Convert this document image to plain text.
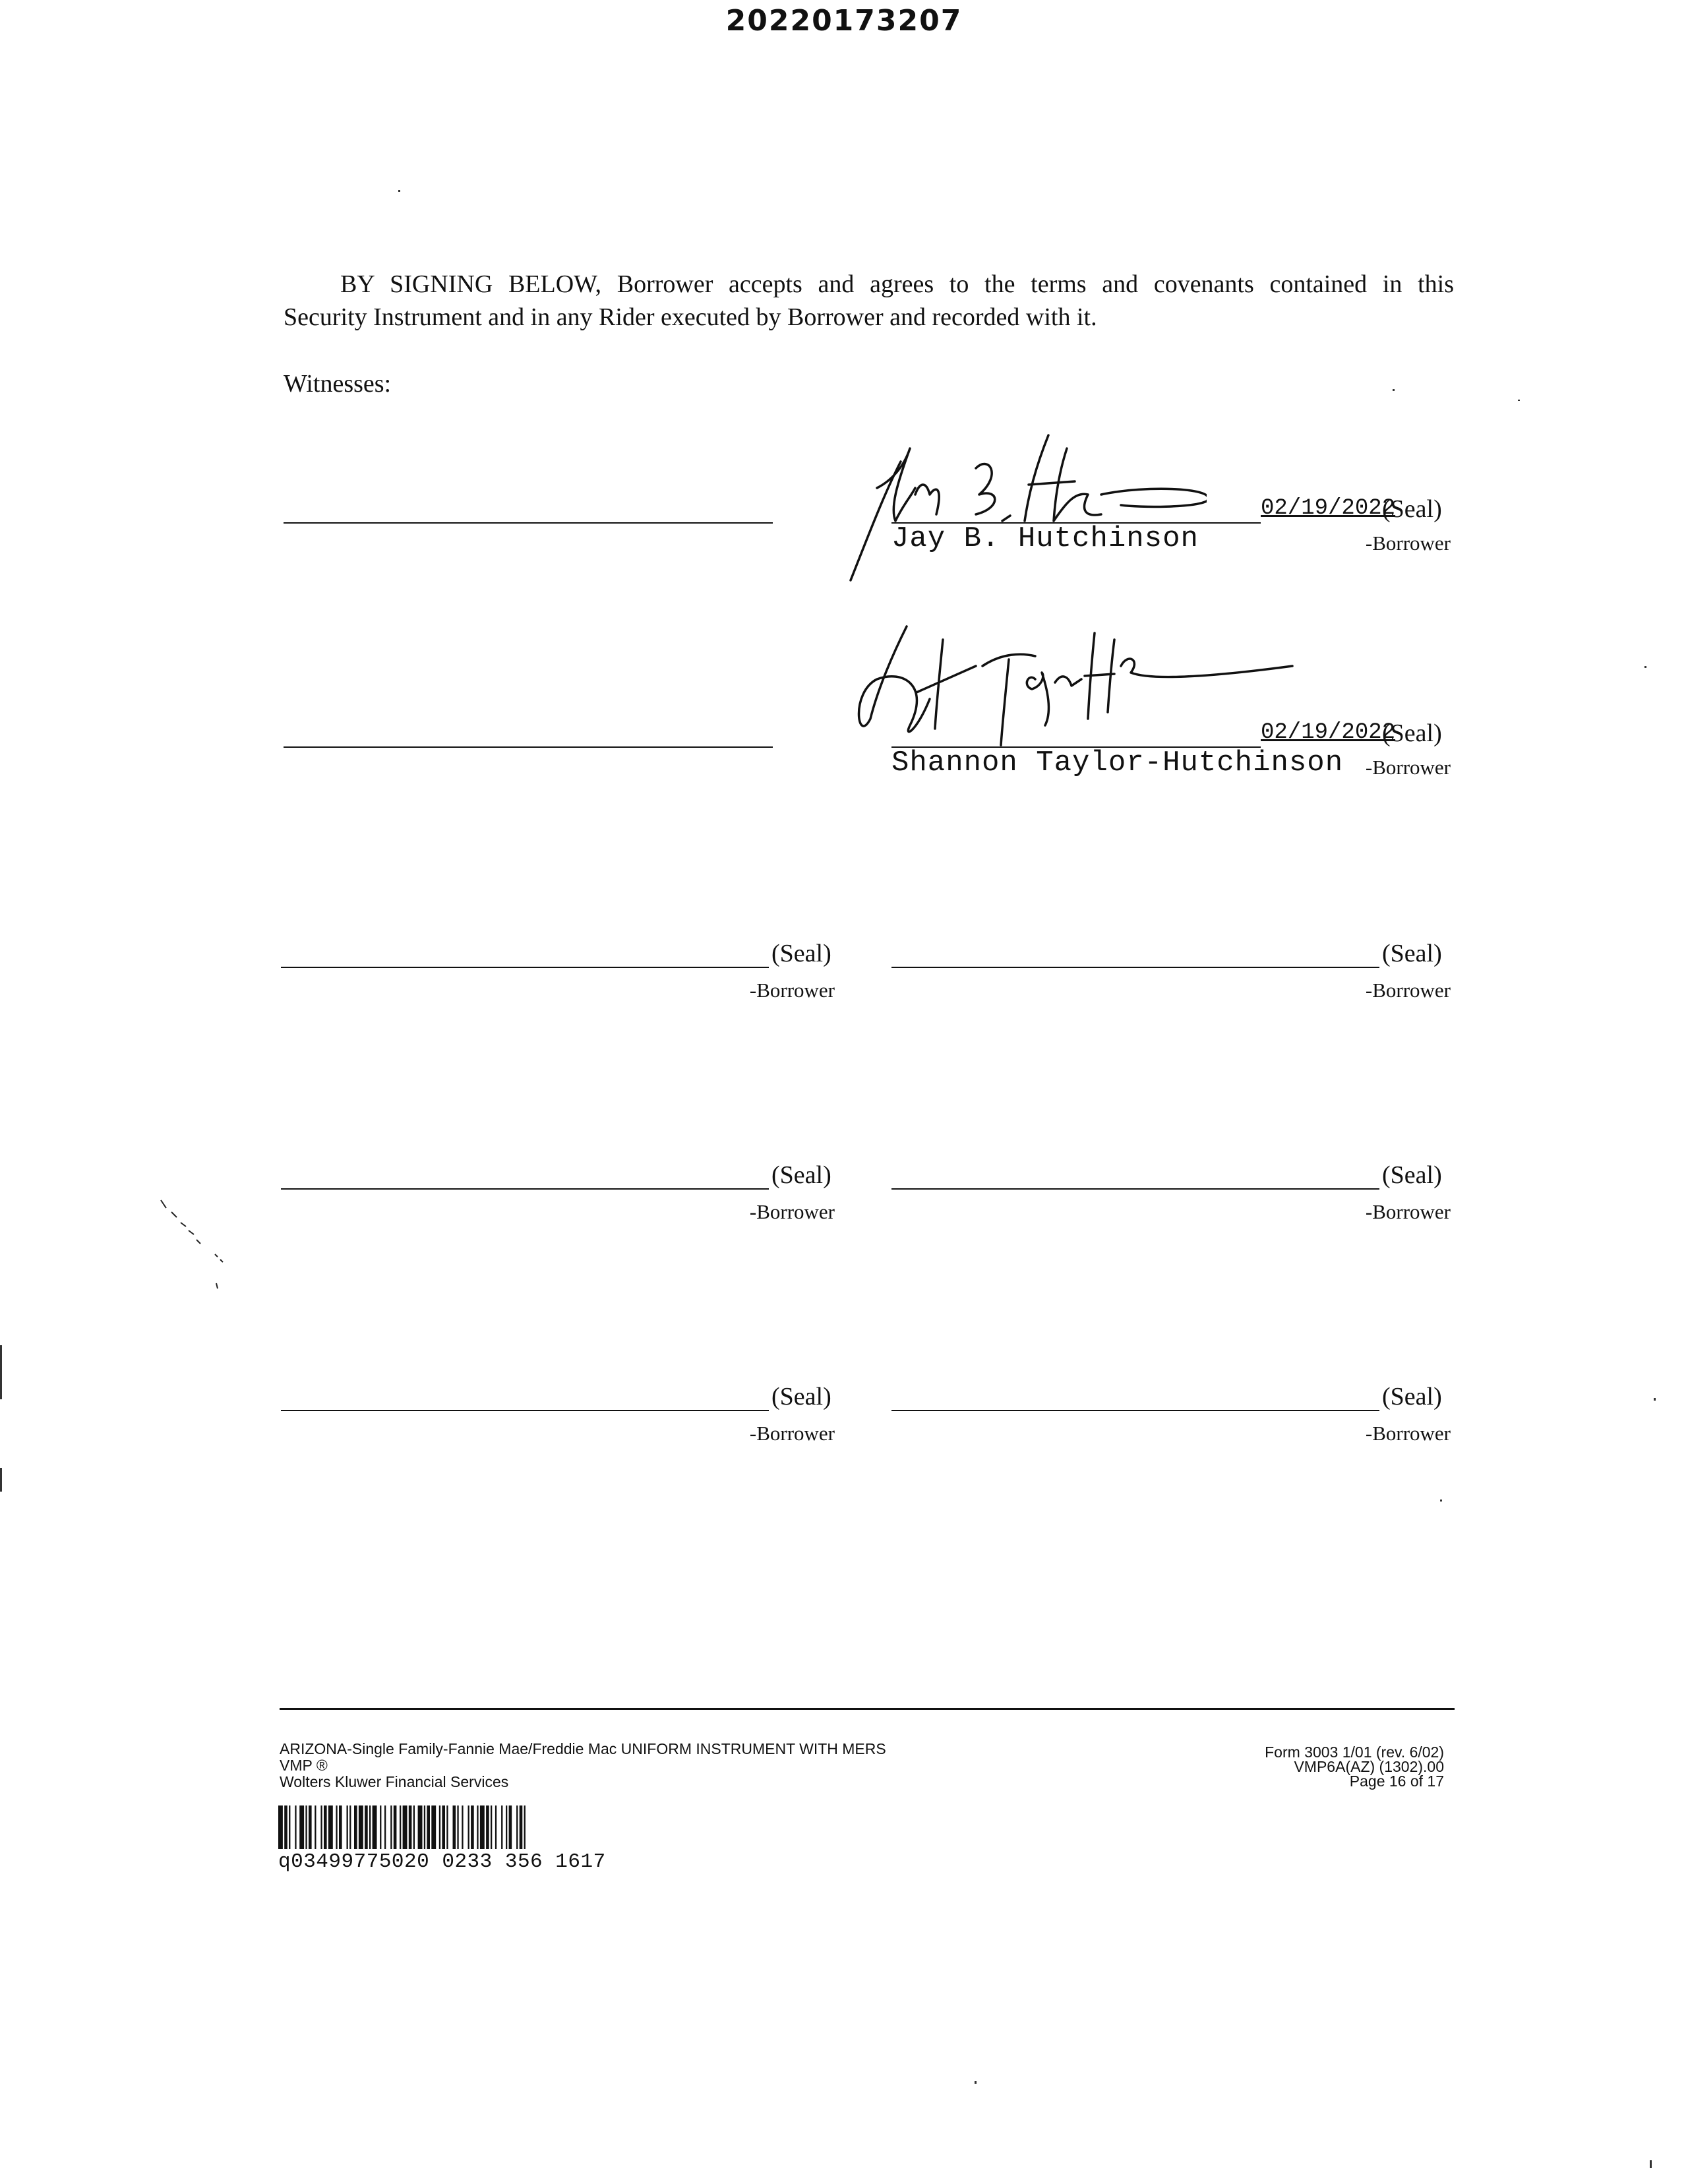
20220173207
BY SIGNING BELOW, Borrower accepts and agrees to the terms and covenants contained in this
Security Instrument and in any Rider executed by Borrower and recorded with it.
Witnesses:
02/19/2022
(Seal)
Jay B. Hutchinson	-Borrower
02/19/2022
(Seal)
Shannon Taylor-Hutchinson	-Borrower
(Seal)
-Borrower
(Seal)
-Borrower
(Seal)
-Borrower
(Seal)
-Borrower
(Seal)
-Borrower
(Seal)
-Borrower
ARIZONA-Single Family-Fannie Mae/Freddie Mac UNIFORM INSTRUMENT WITH MERS
VMP ®
Wolters Kluwer Financial Services
Form 3003 1/01 (rev. 6/02)
VMP6A(AZ) (1302).00
Page 16 of 17
q03499775020 0233 356 1617
